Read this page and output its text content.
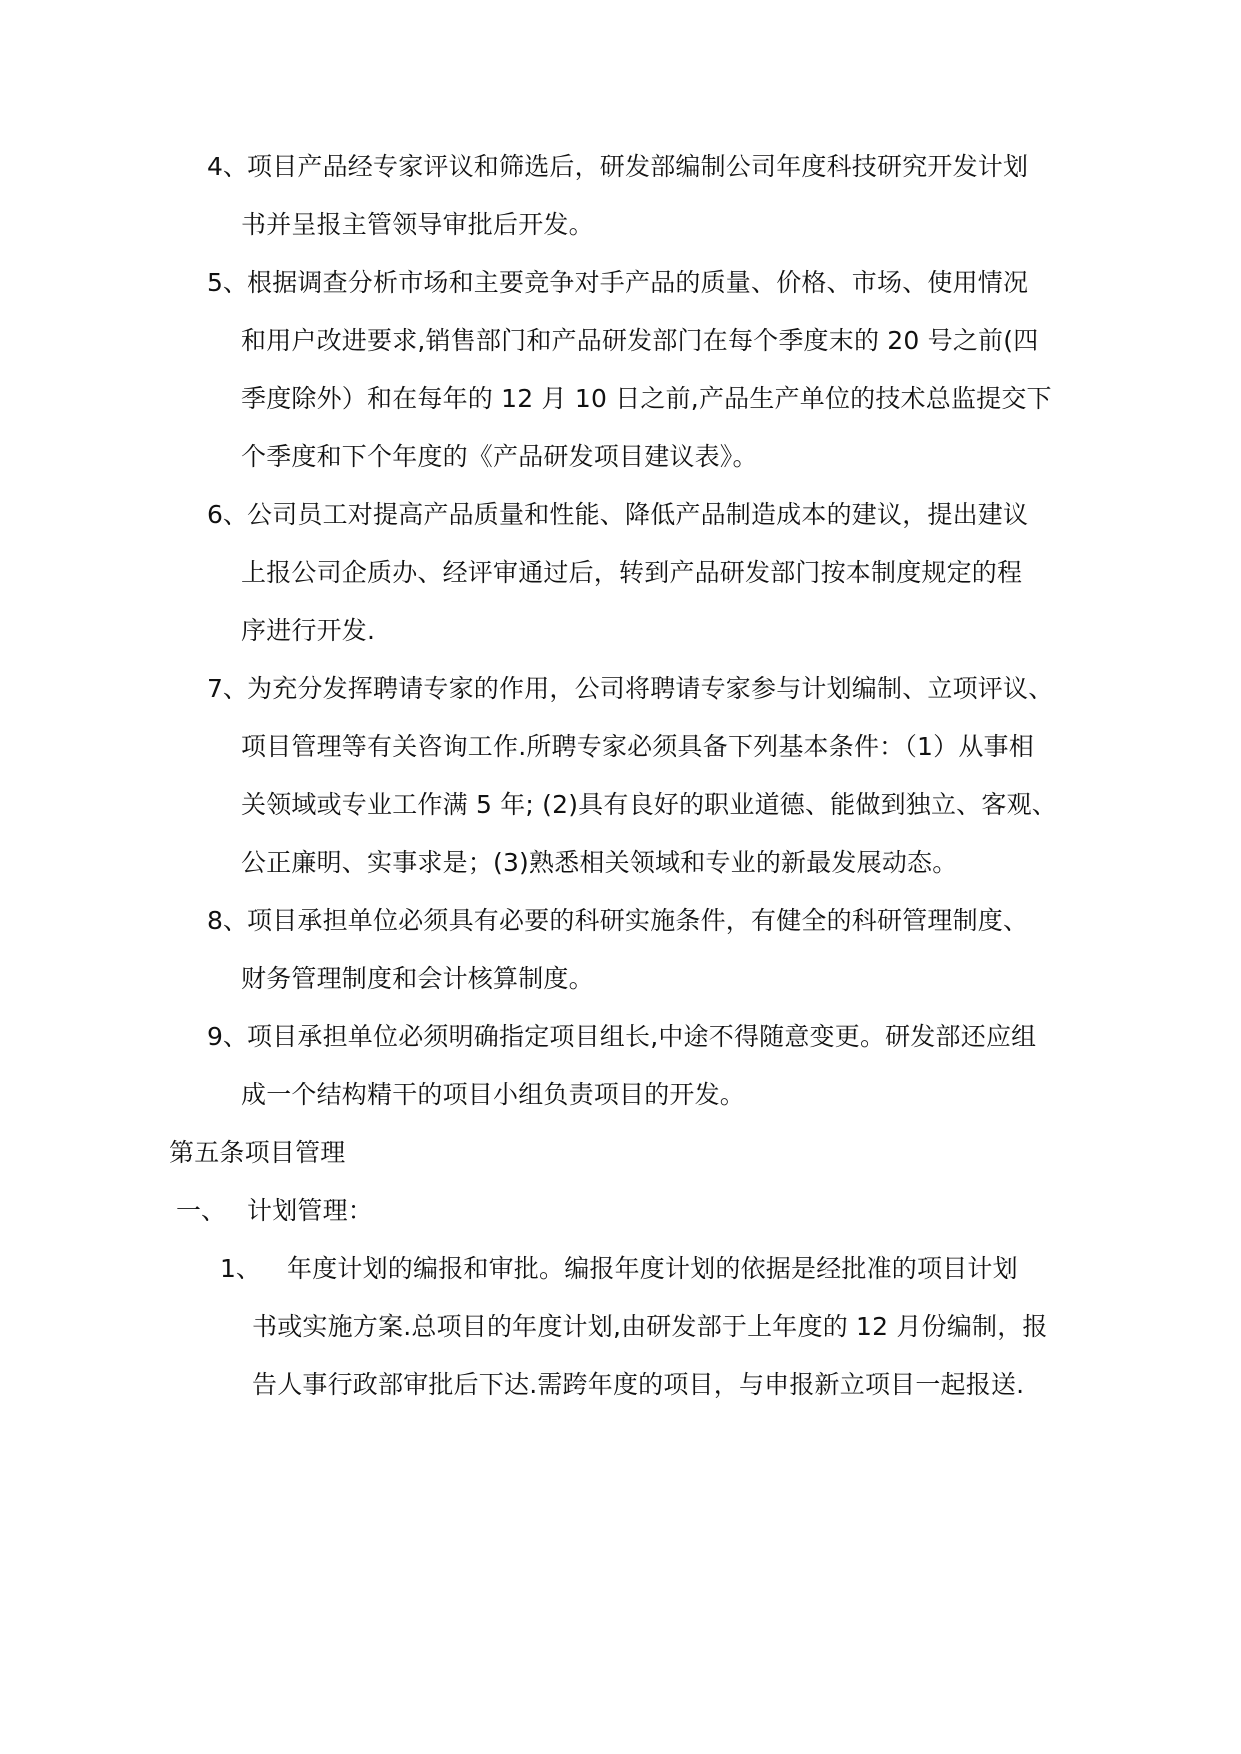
4、 项目产品经专家评议和筛选后，研发部编制公司年度科技研究开发计划
书并呈报主管领导审批后开发。
5、 根据调查分析市场和主要竞争对手产品的质量、价格、市场、使用情况
和用户改进要求,销售部门和产品研发部门在每个季度末的 20 号之前(四
季度除外）和在每年的 12 月 10 日之前,产品生产单位的技术总监提交下
个季度和下个年度的《产品研发项目建议表》。
6、 公司员工对提高产品质量和性能、降低产品制造成本的建议，提出建议
上报公司企质办、经评审通过后，转到产品研发部门按本制度规定的程
序进行开发.
7、 为充分发挥聘请专家的作用，公司将聘请专家参与计划编制、立项评议、
项目管理等有关咨询工作.所聘专家必须具备下列基本条件：（1）从事相
关领域或专业工作满 5 年; (2)具有良好的职业道德、能做到独立、客观、
公正廉明、实事求是；(3)熟悉相关领域和专业的新最发展动态。
8、 项目承担单位必须具有必要的科研实施条件，有健全的科研管理制度、
财务管理制度和会计核算制度。
9、 项目承担单位必须明确指定项目组长,中途不得随意变更。研发部还应组
成一个结构精干的项目小组负责项目的开发。
第五条项目管理
一、 计划管理：
1、 年度计划的编报和审批。编报年度计划的依据是经批准的项目计划
书或实施方案.总项目的年度计划,由研发部于上年度的 12 月份编制，报
告人事行政部审批后下达.需跨年度的项目，与申报新立项目一起报送.
